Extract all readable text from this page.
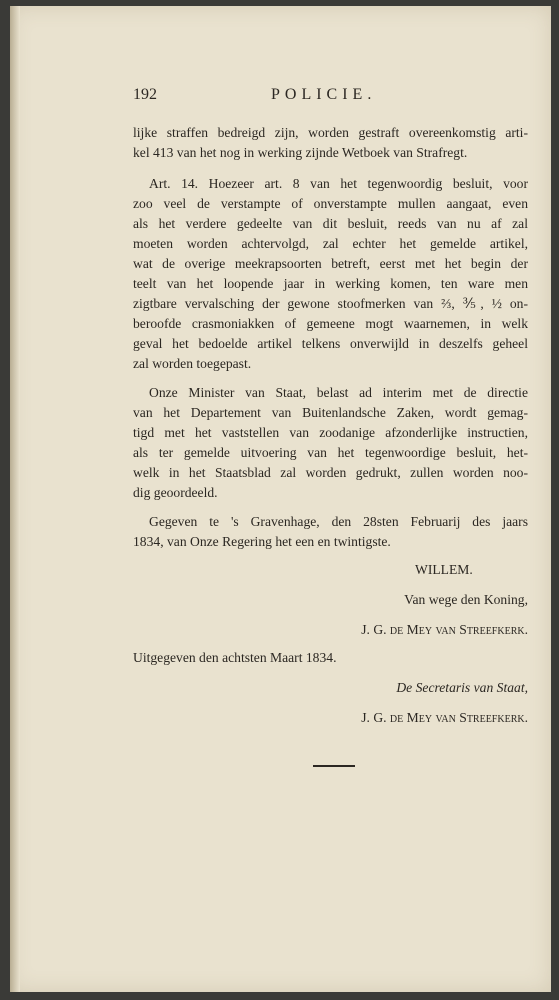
192	POLICIE.
lijke straffen bedreigd zijn, worden gestraft overeenkomstig arti-
kel 413 van het nog in werking zijnde Wetboek van Strafregt.
Art. 14. Hoezeer art. 8 van het tegenwoordig besluit, voor
zoo veel de verstampte of onverstampte mullen aangaat, even
als het verdere gedeelte van dit besluit, reeds van nu af zal
moeten worden achtervolgd, zal echter het gemelde artikel,
wat de overige meekrapsoorten betreft, eerst met het begin der
teelt van het loopende jaar in werking komen, ten ware men
zigtbare vervalsching der gewone stoofmerken van ⅔, ⅗, ½ on-
beroofde crasmoniakken of gemeene mogt waarnemen, in welk
geval het bedoelde artikel telkens onverwijld in deszelfs geheel
zal worden toegepast.
Onze Minister van Staat, belast ad interim met de directie
van het Departement van Buitenlandsche Zaken, wordt gemag-
tigd met het vaststellen van zoodanige afzonderlijke instructien,
als ter gemelde uitvoering van het tegenwoordige besluit, het-
welk in het Staatsblad zal worden gedrukt, zullen worden noo-
dig geoordeeld.
Gegeven te 's Gravenhage, den 28sten Februarij des jaars
1834, van Onze Regering het een en twintigste.
WILLEM.
Van wege den Koning,
J. G. de Mey van Streefkerk.
Uitgegeven den achtsten Maart 1834.
De Secretaris van Staat,
J. G. de Mey van Streefkerk.
